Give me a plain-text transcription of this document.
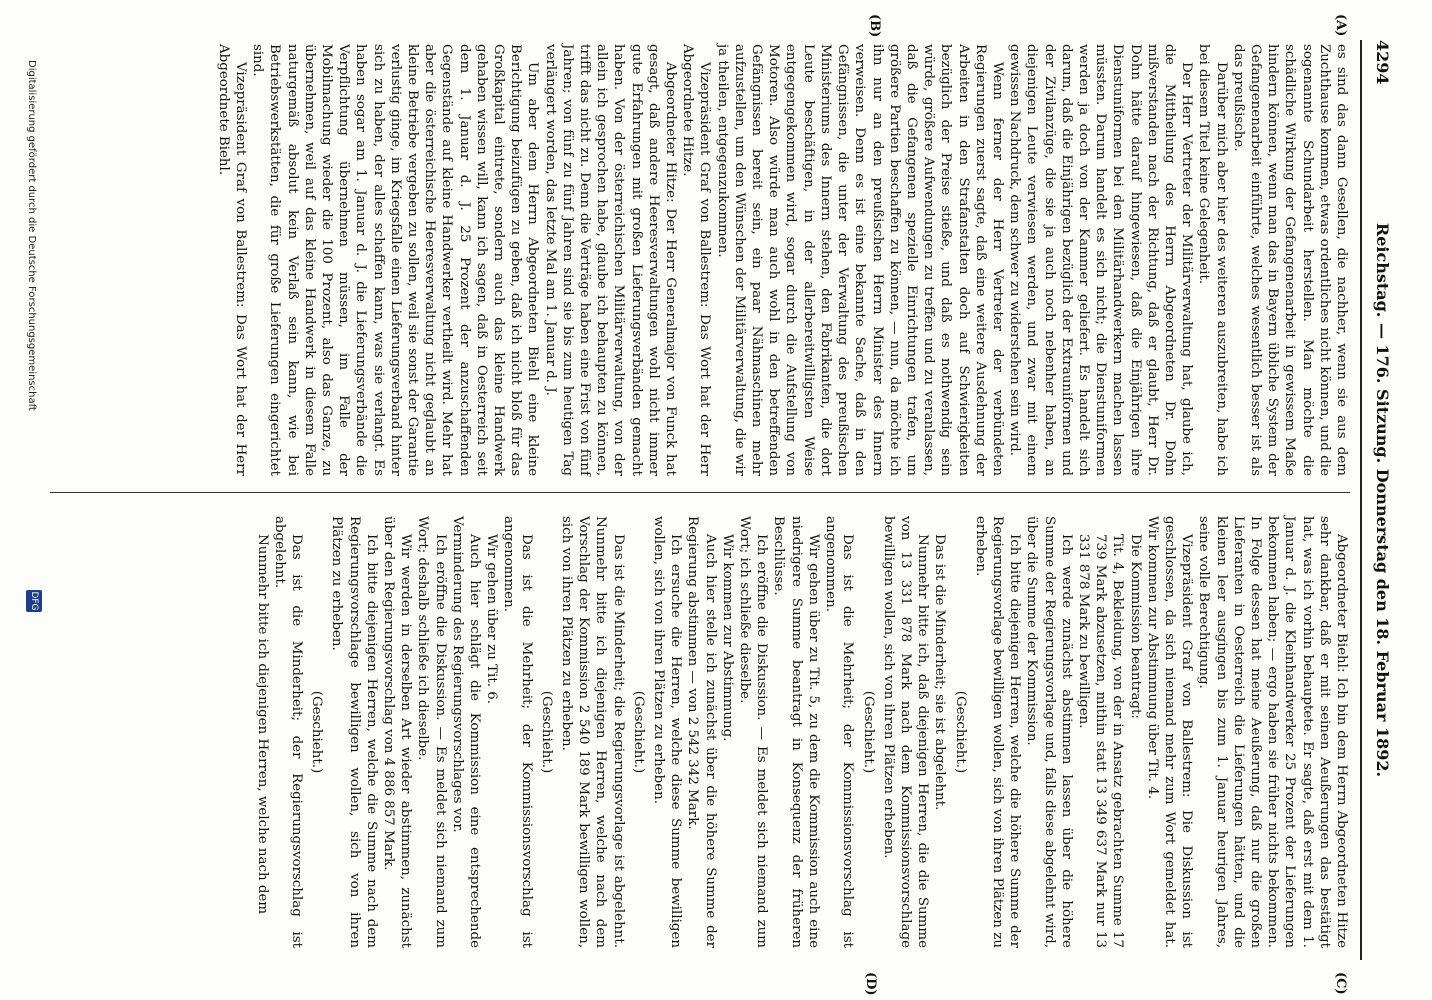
4294
Reichstag. — 176. Sitzung. Donnerstag den 18. Februar 1892.
(A)
(B)
(C)
(D)

es sind das dann Gesellen, die nachher, wenn sie aus dem Zuchthause kommen, etwas ordentliches nicht können, und die sogenannte Schundarbeit herstellen. Man möchte die schädliche Wirkung der Gefangenenarbeit in gewissem Maße hindern können, wenn man das in Bayern übliche System der Gefangenenarbeit einführte, welches wesentlich besser ist als das preußische.

Darüber mich aber hier des weiteren auszubreiten, habe ich bei diesem Titel keine Gelegenheit.

Der Herr Vertreter der Militärverwaltung hat, glaube ich, die Mittheilung des Herrn Abgeordneten Dr. Dohn mißverstanden nach der Richtung, daß er glaubt, Herr Dr. Dohn hätte darauf hingewiesen, daß die Einjährigen ihre Dienstuniformen bei den Militärhandwerkern machen lassen müssten. Darum handelt es sich nicht; die Dienstuniformen werden ja doch von der Kammer geliefert. Es handelt sich darum, daß die Einjährigen bezüglich der Extrauniformen und der Zivilanzüge, die sie ja auch noch nebenher haben, an diejenigen Leute verwiesen werden, und zwar mit einem gewissen Nachdruck, dem schwer zu widerstehen sein wird.

Wenn ferner der Herr Vertreter der verbündeten Regierungen zuerst sagte, daß eine weitere Ausdehnung der Arbeiten in den Strafanstalten doch auf Schwierigkeiten bezüglich der Preise stieße, und daß es nothwendig sein würde, größere Aufwendungen zu treffen und zu veranlassen, daß die Gefangenen spezielle Einrichtungen trafen, um größere Partien beschaffen zu können, — nun, da möchte ich ihn nur an den preußischen Herrn Minister des Innern verweisen. Denn es ist eine bekannte Sache, daß in den Gefängnissen, die unter der Verwaltung des preußischen Ministeriums des Innern stehen, den Fabrikanten, die dort Leute beschäftigen, in der allerbereitwilligsten Weise entgegengekommen wird, sogar durch die Aufstellung von Motoren. Also würde man auch wohl in den betreffenden Gefängnissen bereit sein, ein paar Nähmaschinen mehr aufzustellen, um den Wünschen der Militärverwaltung, die wir ja theilen, entgegenzukommen.

Vizepräsident Graf von Ballestrem: Das Wort hat der Herr Abgeordnete Hitze.

Abgeordneter Hitze: Der Herr Generalmajor von Funck hat gesagt, daß andere Heeresverwaltungen wohl nicht immer gute Erfahrungen mit großen Lieferungsverbänden gemacht haben. Von der österreichischen Militärverwaltung, von der allein ich gesprochen habe, glaube ich behaupten zu können, trifft das nicht zu. Denn die Verträge haben eine Frist von fünf Jahren; von fünf zu fünf Jahren sind sie bis zum heutigen Tag verlängert worden, das letzte Mal am 1. Januar d. J.

Um aber dem Herrn Abgeordneten Biehl eine kleine Berichtigung beizufügen zu geben, daß ich nicht bloß für das Großkapital eintrete, sondern auch das kleine Handwerk gehaben wissen will, kann ich sagen, daß in Oesterreich seit dem 1. Januar d. J. 25 Prozent der anzuschaffenden Gegenstände auf kleine Handwerker vertheilt wird. Mehr hat aber die österreichische Heeresverwaltung nicht geglaubt an kleine Betriebe vergeben zu sollen, weil sie sonst der Garantie verlustig ginge, im Kriegsfalle einen Lieferungsverband hinter sich zu haben, der alles schaffen kann, was sie verlangt. Es haben sogar am 1. Januar d. J. die Lieferungsverbände die Verpflichtung übernehmen müssen, im Falle der Mobilmachung wieder die 100 Prozent, also das Ganze, zu übernehmen, weil auf das kleine Handwerk in diesem Falle naturgemäß absolut kein Verlaß sein kann, wie bei Betriebswerkstätten, die für große Lieferungen eingerichtet sind.

Vizepräsident Graf von Ballestrem: Das Wort hat der Herr Abgeordnete Biehl.

Abgeordneter Biehl: Ich bin dem Herrn Abgeordneten Hitze sehr dankbar, daß er mit seinen Aeußerungen das bestätigt hat, was ich vorhin behauptete. Er sagte, daß erst mit dem 1. Januar d. J. die Kleinhandwerker 25 Prozent der Lieferungen bekommen haben; — ergo haben sie früher nichts bekommen. In Folge dessen hat meine Aeußerung, daß nur die großen Lieferanten in Oesterreich die Lieferungen hätten, und die kleinen leer ausgingen bis zum 1. Januar heurigen Jahres, seine volle Berechtigung.

Vizepräsident Graf von Ballestrem: Die Diskussion ist geschlossen, da sich niemand mehr zum Wort gemeldet hat. Wir kommen zur Abstimmung über Tit. 4.

Die Kommission beantragt:

Tit. 4, Bekleidung, von der in Ansatz gebrachten Summe 17 739 Mark abzusetzen, mithin statt 13 349 637 Mark nur 13 331 878 Mark zu bewilligen.

Ich werde zunächst abstimmen lassen über die höhere Summe der Regierungsvorlage und, falls diese abgelehnt wird, über die Summe der Kommission.

Ich bitte diejenigen Herren, welche die höhere Summe der Regierungsvorlage bewilligen wollen, sich von ihren Plätzen zu erheben.

(Geschieht.)

Das ist die Minderheit; sie ist abgelehnt.

Nunmehr bitte ich, daß diejenigen Herren, die die Summe von 13 331 878 Mark nach dem Kommissionsvorschlage bewilligen wollen, sich von ihren Plätzen erheben.

(Geschieht.)

Das ist die Mehrheit; der Kommissionsvorschlag ist angenommen.

Wir gehen über zu Tit. 5, zu dem die Kommission auch eine niedrigere Summe beantragt in Konsequenz der früheren Beschlüsse.

Ich eröffne die Diskussion. — Es meldet sich niemand zum Wort; ich schließe dieselbe.

Wir kommen zur Abstimmung.

Auch hier stelle ich zunächst über die höhere Summe der Regierung abstimmen — von 2 542 342 Mark.

Ich ersuche die Herren, welche diese Summe bewilligen wollen, sich von ihren Plätzen zu erheben.

(Geschieht.)

Das ist die Minderheit; die Regierungsvorlage ist abgelehnt. Nunmehr bitte ich diejenigen Herren, welche nach dem Vorschlag der Kommission 2 540 189 Mark bewilligen wollen, sich von ihren Plätzen zu erheben.

(Geschieht.)

Das ist die Mehrheit; der Kommissionsvorschlag ist angenommen.

Wir gehen über zu Tit. 6.

Auch hier schlägt die Kommission eine entsprechende Verminderung des Regierungsvorschlages vor.

Ich eröffne die Diskussion. — Es meldet sich niemand zum Wort; deshalb schließe ich dieselbe.

Wir werden in derselben Art wieder abstimmen, zunächst über den Regierungsvorschlag von 4 886 857 Mark.

Ich bitte diejenigen Herren, welche die Summe nach dem Regierungsvorschlage bewilligen wollen, sich von ihren Plätzen zu erheben.

(Geschieht.)

Das ist die Minderheit; der Regierungsvorschlag ist abgelehnt.

Nunmehr bitte ich diejenigen Herren, welche nach dem

Digitalisierung gefördert durch die Deutsche Forschungsgemeinschaft
DFG
